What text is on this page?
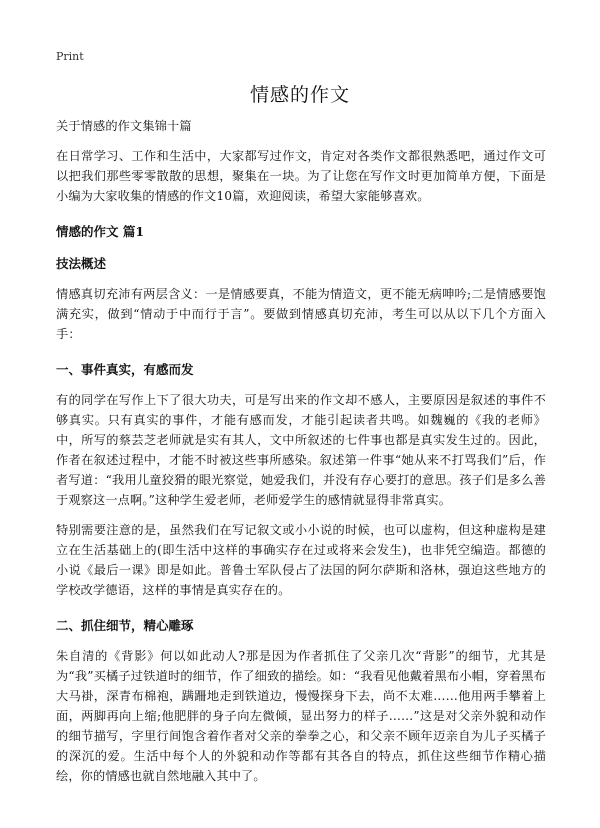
Print
情感的作文

关于情感的作文集锦十篇

在日常学习、工作和生活中，大家都写过作文，肯定对各类作文都很熟悉吧，通过作文可以把我们那些零零散散的思想，聚集在一块。为了让您在写作文时更加简单方便，下面是小编为大家收集的情感的作文10篇，欢迎阅读，希望大家能够喜欢。

情感的作文 篇1
技法概述

情感真切充沛有两层含义：一是情感要真，不能为情造文，更不能无病呻吟;二是情感要饱满充实，做到“情动于中而行于言”。要做到情感真切充沛，考生可以从以下几个方面入手：

一、事件真实，有感而发

有的同学在写作上下了很大功夫，可是写出来的作文却不感人，主要原因是叙述的事件不够真实。只有真实的事件，才能有感而发，才能引起读者共鸣。如魏巍的《我的老师》中，所写的蔡芸芝老师就是实有其人，文中所叙述的七件事也都是真实发生过的。因此，作者在叙述过程中，才能不时被这些事所感染。叙述第一件事“她从来不打骂我们”后，作者写道：“我用儿童狡猾的眼光察觉，她爱我们，并没有存心要打的意思。孩子们是多么善于观察这一点啊。”这种学生爱老师，老师爱学生的感情就显得非常真实。

特别需要注意的是，虽然我们在写记叙文或小小说的时候，也可以虚构，但这种虚构是建立在生活基础上的(即生活中这样的事确实存在过或将来会发生)，也非凭空编造。都德的小说《最后一课》即是如此。普鲁士军队侵占了法国的阿尔萨斯和洛林，强迫这些地方的学校改学德语，这样的事情是真实存在的。

二、抓住细节，精心雕琢

朱自清的《背影》何以如此动人?那是因为作者抓住了父亲几次“背影”的细节，尤其是为“我”买橘子过铁道时的细节，作了细致的描绘。如：“我看见他戴着黑布小帽，穿着黑布大马褂，深青布棉袍，蹒跚地走到铁道边，慢慢探身下去，尚不太难……他用两手攀着上面，两脚再向上缩;他肥胖的身子向左微倾，显出努力的样子……”这是对父亲外貌和动作的细节描写，字里行间饱含着作者对父亲的拳拳之心，和父亲不顾年迈亲自为儿子买橘子的深沉的爱。生活中每个人的外貌和动作等都有其各自的特点，抓住这些细节作精心描绘，你的情感也就自然地融入其中了。
